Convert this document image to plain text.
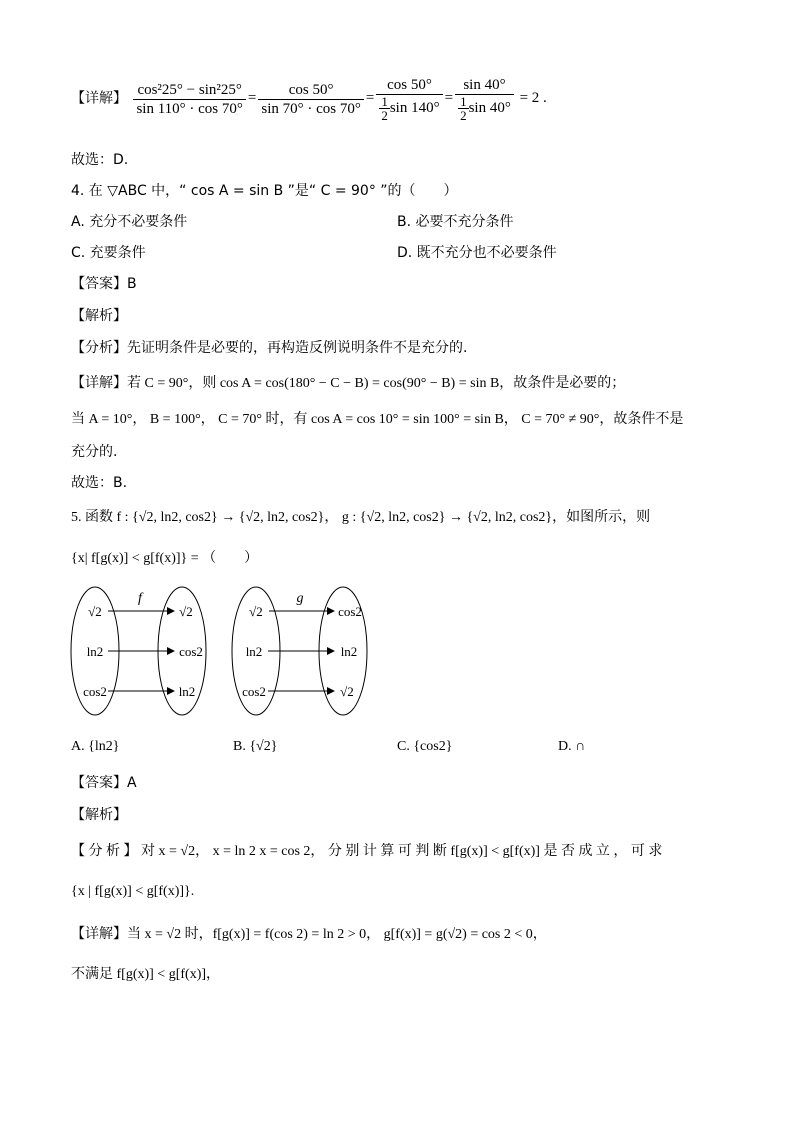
【详解】 $\frac{\text{cos²25° − sin²25°}}{\sin 110^\circ \cdot \cos 70^\circ} = \frac{\cos 50^\circ}{\sin 70^\circ \cdot \cos 70^\circ} = \frac{\cos 50^\circ}{\frac{1}{2} \sin 140^\circ} = \frac{\sin 40^\circ}{\frac{1}{2} \sin 40^\circ} = 2$ .
故选：D.
4. 在 ▽ABC 中，“ cos A = sin B ”是“ C = 90° ”的（　　）
A. 充分不必要条件	B. 必要不充分条件
C. 充要条件	D. 既不充分也不必要条件
【答案】B
【解析】
【分析】先证明条件是必要的，再构造反例说明条件不是充分的.
【详解】若 C = 90°，则 cos A = cos(180° − C − B) = cos(90° − B) = sin B，故条件是必要的；
当 A = 10°， B = 100°， C = 70° 时，有 cos A = cos 10° = sin 100° = sin B， C = 70° ≠ 90°，故条件不是
充分的.
故选：B.
5. 函数 f : {√2, ln2, cos2} → {√2, ln2, cos2}， g : {√2, ln2, cos2} → {√2, ln2, cos2}，如图所示，则
{x| f[g(x)] < g[f(x)]} = （　　）
f
√2
ln2
cos2
√2
cos2
ln2
g
√2
ln2
cos2
cos2
ln2
√2
A. {ln2}	B. {√2}	C. {cos2}	D. ∩
【答案】A
【解析】
【 分 析 】 对 x = √2， x = ln 2 x = cos 2， 分 别 计 算 可 判 断 f[g(x)] < g[f(x)] 是 否 成 立 ， 可 求
{x | f[g(x)] < g[f(x)]}.
【详解】当 x = √2 时，f[g(x)] = f(cos 2) = ln 2 > 0， g[f(x)] = g(√2) = cos 2 < 0，
不满足 f[g(x)] < g[f(x)]，
